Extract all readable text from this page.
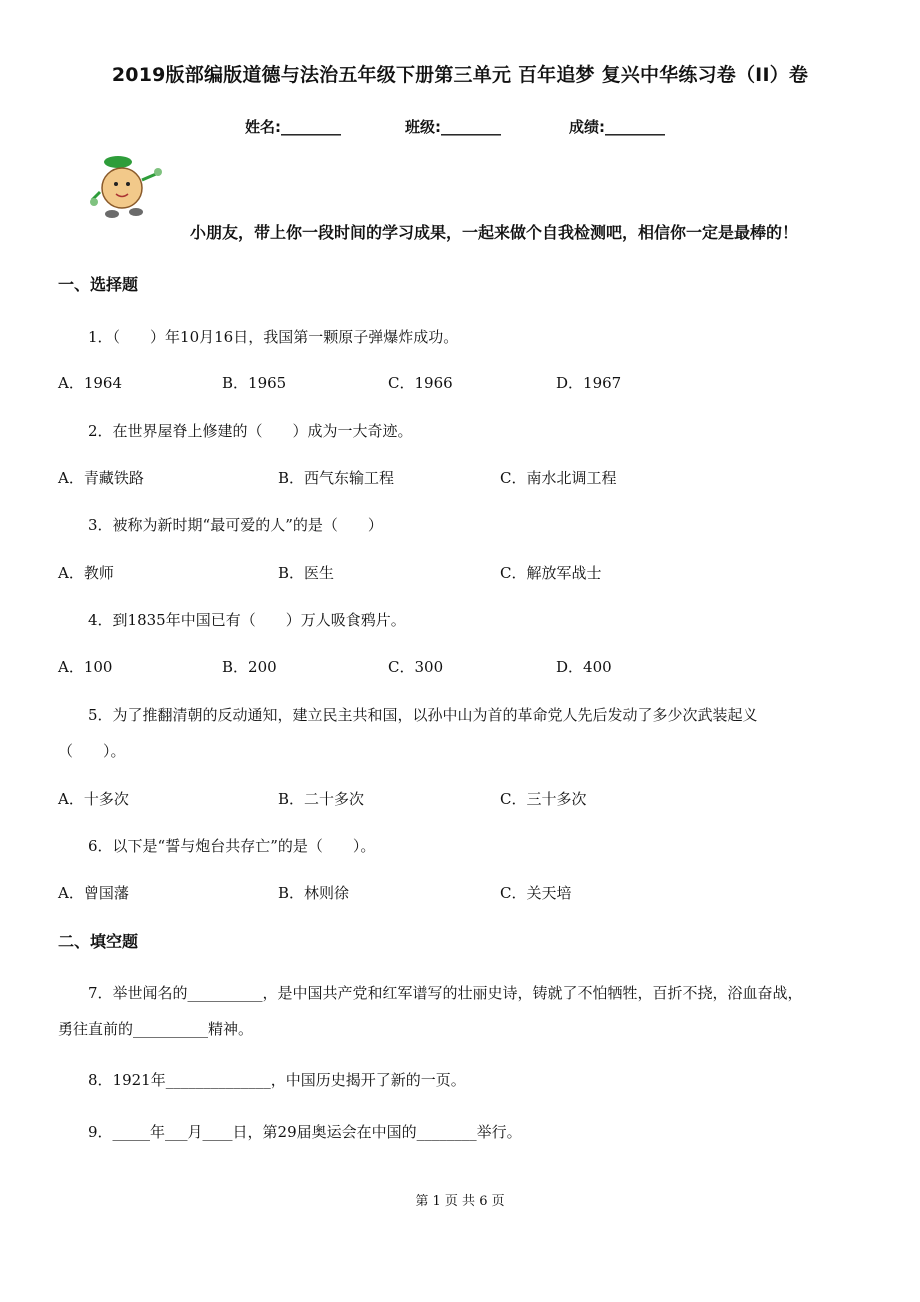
2019版部编版道德与法治五年级下册第三单元 百年追梦 复兴中华练习卷（II）卷
姓名:________	班级:________	成绩:________
小朋友，带上你一段时间的学习成果，一起来做个自我检测吧，相信你一定是最棒的！
一、选择题
1．（　　）年10月16日，我国第一颗原子弹爆炸成功。
A．1964	B．1965	C．1966	D．1967
2．在世界屋脊上修建的（　　）成为一大奇迹。
A．青藏铁路	B．西气东输工程	C．南水北调工程
3．被称为新时期“最可爱的人”的是（　　）
A．教师	B．医生	C．解放军战士
4．到1835年中国已有（　　）万人吸食鸦片。
A．100	B．200	C．300	D．400
5．为了推翻清朝的反动通知，建立民主共和国，以孙中山为首的革命党人先后发动了多少次武装起义
（　　）。
A．十多次	B．二十多次	C．三十多次
6．以下是“誓与炮台共存亡”的是（　　）。
A．曾国藩	B．林则徐	C．关天培
二、填空题
7．举世闻名的__________，是中国共产党和红军谱写的壮丽史诗，铸就了不怕牺牲，百折不挠，浴血奋战，
勇往直前的__________精神。
8．1921年______________，中国历史揭开了新的一页。
9．_____年___月____日，第29届奥运会在中国的________举行。
第 1 页 共 6 页
